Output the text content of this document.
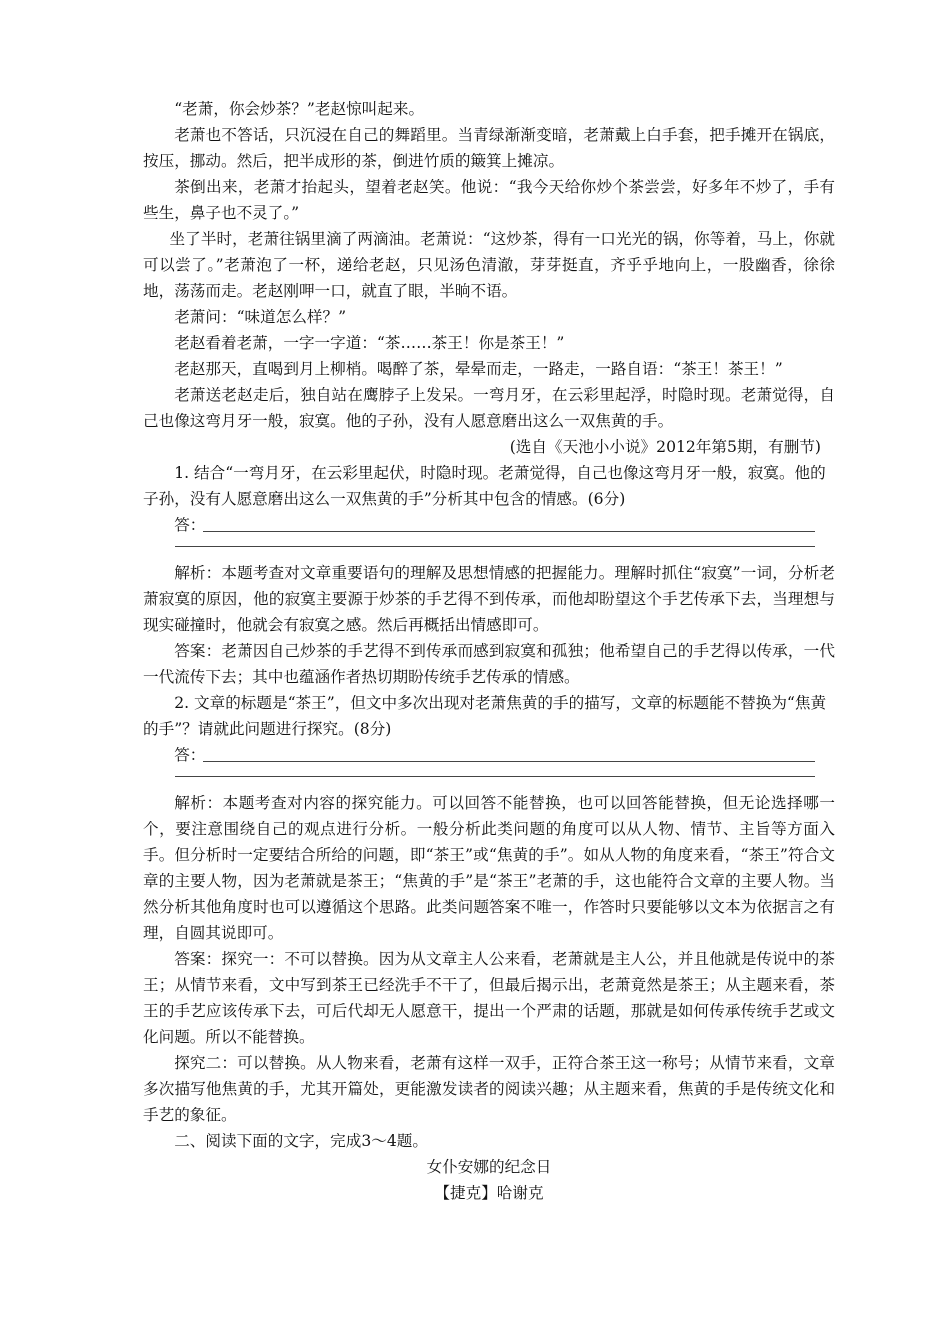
“老萧，你会炒茶？”老赵惊叫起来。

老萧也不答话，只沉浸在自己的舞蹈里。当青绿渐渐变暗，老萧戴上白手套，把手摊开在锅底，按压，挪动。然后，把半成形的茶，倒进竹质的簸箕上摊凉。

茶倒出来，老萧才抬起头，望着老赵笑。他说：“我今天给你炒个茶尝尝，好多年不炒了，手有些生，鼻子也不灵了。”

坐了半时，老萧往锅里滴了两滴油。老萧说：“这炒茶，得有一口光光的锅，你等着，马上，你就可以尝了。”老萧泡了一杯，递给老赵，只见汤色清澈，芽芽挺直，齐乎乎地向上，一股幽香，徐徐地，荡荡而走。老赵刚呷一口，就直了眼，半晌不语。

老萧问：“味道怎么样？”

老赵看着老萧，一字一字道：“茶……茶王！你是茶王！”

老赵那天，直喝到月上柳梢。喝醉了茶，晕晕而走，一路走，一路自语：“茶王！茶王！”

老萧送老赵走后，独自站在鹰脖子上发呆。一弯月牙，在云彩里起浮，时隐时现。老萧觉得，自己也像这弯月牙一般，寂寞。他的子孙，没有人愿意磨出这么一双焦黄的手。

(选自《天池小小说》2012年第5期，有删节)

1. 结合“一弯月牙，在云彩里起伏，时隐时现。老萧觉得，自己也像这弯月牙一般，寂寞。他的子孙，没有人愿意磨出这么一双焦黄的手”分析其中包含的情感。(6分)

答：

解析：本题考查对文章重要语句的理解及思想情感的把握能力。理解时抓住“寂寞”一词，分析老萧寂寞的原因，他的寂寞主要源于炒茶的手艺得不到传承，而他却盼望这个手艺传承下去，当理想与现实碰撞时，他就会有寂寞之感。然后再概括出情感即可。

答案：老萧因自己炒茶的手艺得不到传承而感到寂寞和孤独；他希望自己的手艺得以传承，一代一代流传下去；其中也蕴涵作者热切期盼传统手艺传承的情感。

2. 文章的标题是“茶王”，但文中多次出现对老萧焦黄的手的描写，文章的标题能不替换为“焦黄的手”？请就此问题进行探究。(8分)

答：

解析：本题考查对内容的探究能力。可以回答不能替换，也可以回答能替换，但无论选择哪一个，要注意围绕自己的观点进行分析。一般分析此类问题的角度可以从人物、情节、主旨等方面入手。但分析时一定要结合所给的问题，即“茶王”或“焦黄的手”。如从人物的角度来看，“茶王”符合文章的主要人物，因为老萧就是茶王；“焦黄的手”是“茶王”老萧的手，这也能符合文章的主要人物。当然分析其他角度时也可以遵循这个思路。此类问题答案不唯一，作答时只要能够以文本为依据言之有理，自圆其说即可。

答案：探究一：不可以替换。因为从文章主人公来看，老萧就是主人公，并且他就是传说中的茶王；从情节来看，文中写到茶王已经洗手不干了，但最后揭示出，老萧竟然是茶王；从主题来看，茶王的手艺应该传承下去，可后代却无人愿意干，提出一个严肃的话题，那就是如何传承传统手艺或文化问题。所以不能替换。

探究二：可以替换。从人物来看，老萧有这样一双手，正符合茶王这一称号；从情节来看，文章多次描写他焦黄的手，尤其开篇处，更能激发读者的阅读兴趣；从主题来看，焦黄的手是传统文化和手艺的象征。

二、阅读下面的文字，完成3～4题。

女仆安娜的纪念日

【捷克】哈谢克
